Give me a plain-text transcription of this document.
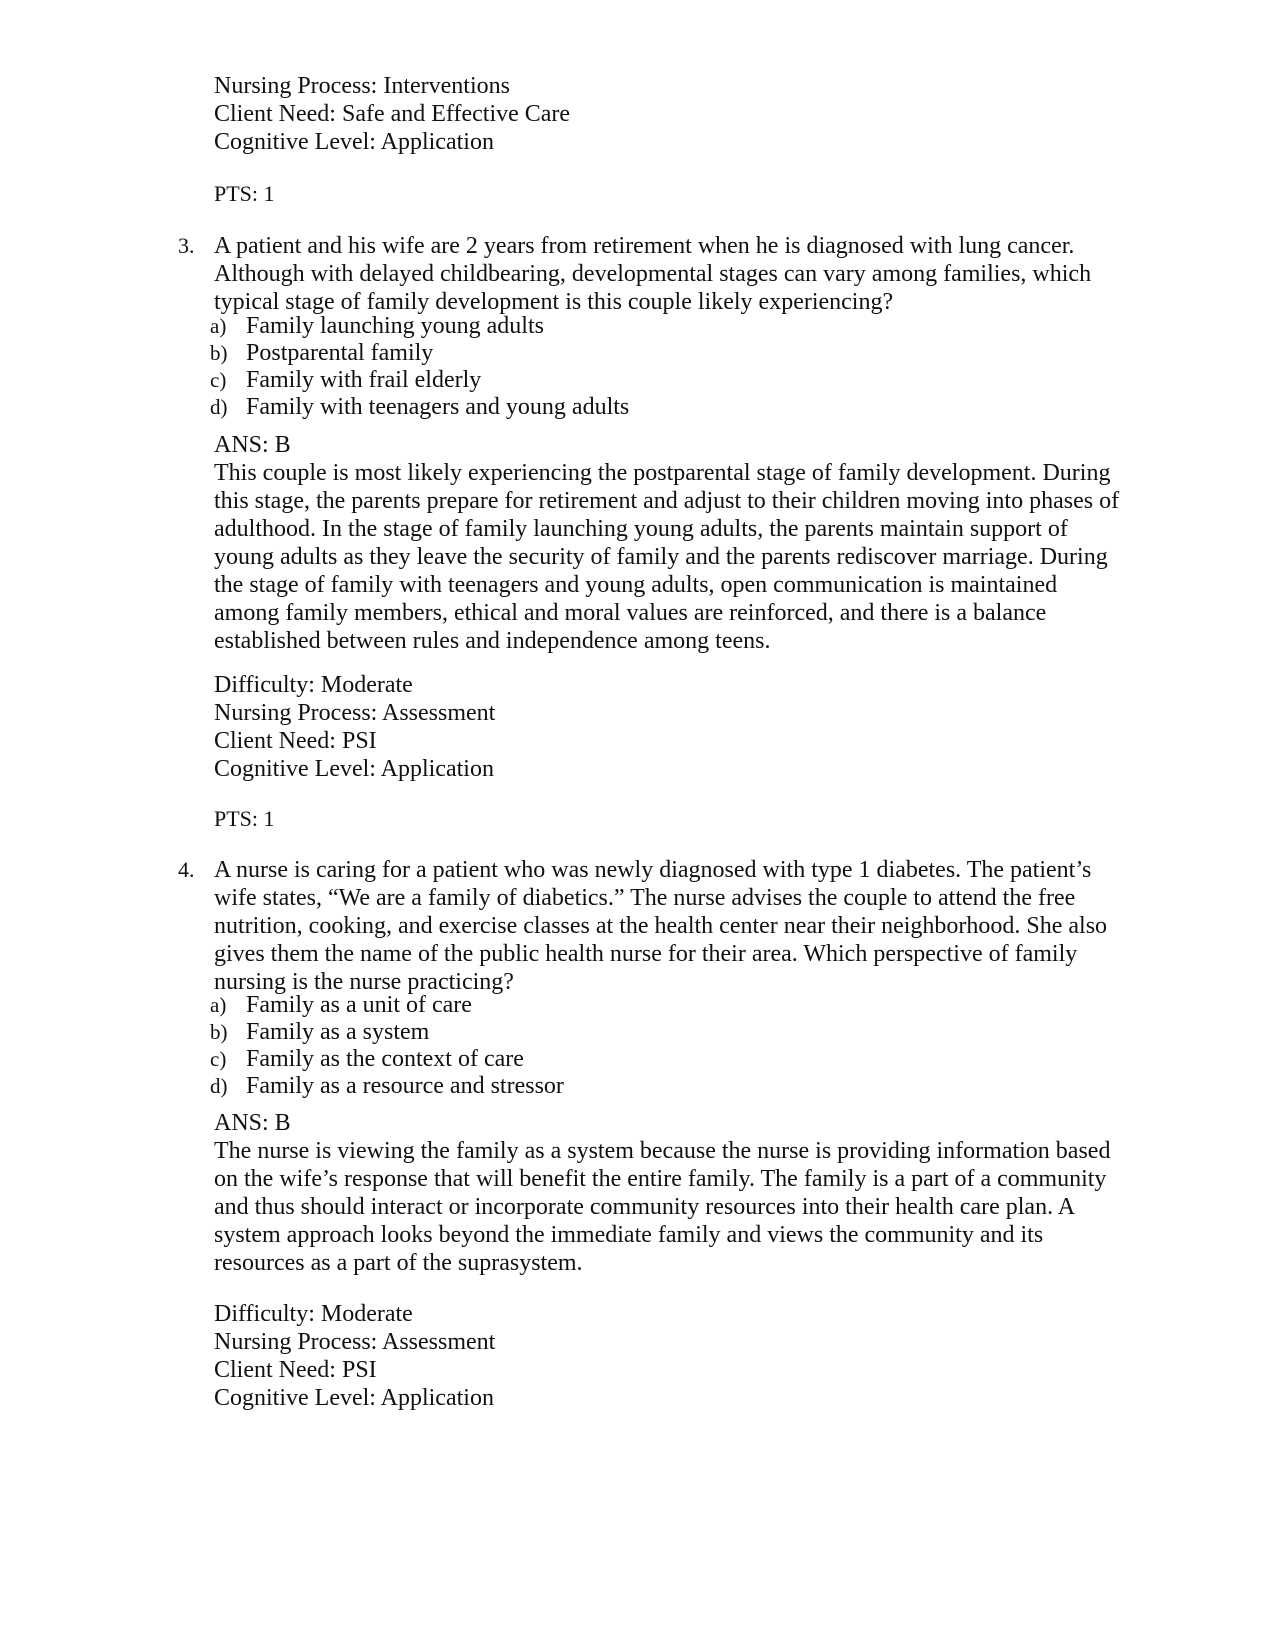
Nursing Process: Interventions
Client Need: Safe and Effective Care
Cognitive Level: Application
PTS: 1
3. A patient and his wife are 2 years from retirement when he is diagnosed with lung cancer.
Although with delayed childbearing, developmental stages can vary among families, which
typical stage of family development is this couple likely experiencing?
a) Family launching young adults
b) Postparental family
c) Family with frail elderly
d) Family with teenagers and young adults
ANS: B
This couple is most likely experiencing the postparental stage of family development. During
this stage, the parents prepare for retirement and adjust to their children moving into phases of
adulthood. In the stage of family launching young adults, the parents maintain support of
young adults as they leave the security of family and the parents rediscover marriage. During
the stage of family with teenagers and young adults, open communication is maintained
among family members, ethical and moral values are reinforced, and there is a balance
established between rules and independence among teens.
Difficulty: Moderate
Nursing Process: Assessment
Client Need: PSI
Cognitive Level: Application
PTS: 1
4. A nurse is caring for a patient who was newly diagnosed with type 1 diabetes. The patient’s
wife states, “We are a family of diabetics.” The nurse advises the couple to attend the free
nutrition, cooking, and exercise classes at the health center near their neighborhood. She also
gives them the name of the public health nurse for their area. Which perspective of family
nursing is the nurse practicing?
a) Family as a unit of care
b) Family as a system
c) Family as the context of care
d) Family as a resource and stressor
ANS: B
The nurse is viewing the family as a system because the nurse is providing information based
on the wife’s response that will benefit the entire family. The family is a part of a community
and thus should interact or incorporate community resources into their health care plan. A
system approach looks beyond the immediate family and views the community and its
resources as a part of the suprasystem.
Difficulty: Moderate
Nursing Process: Assessment
Client Need: PSI
Cognitive Level: Application
